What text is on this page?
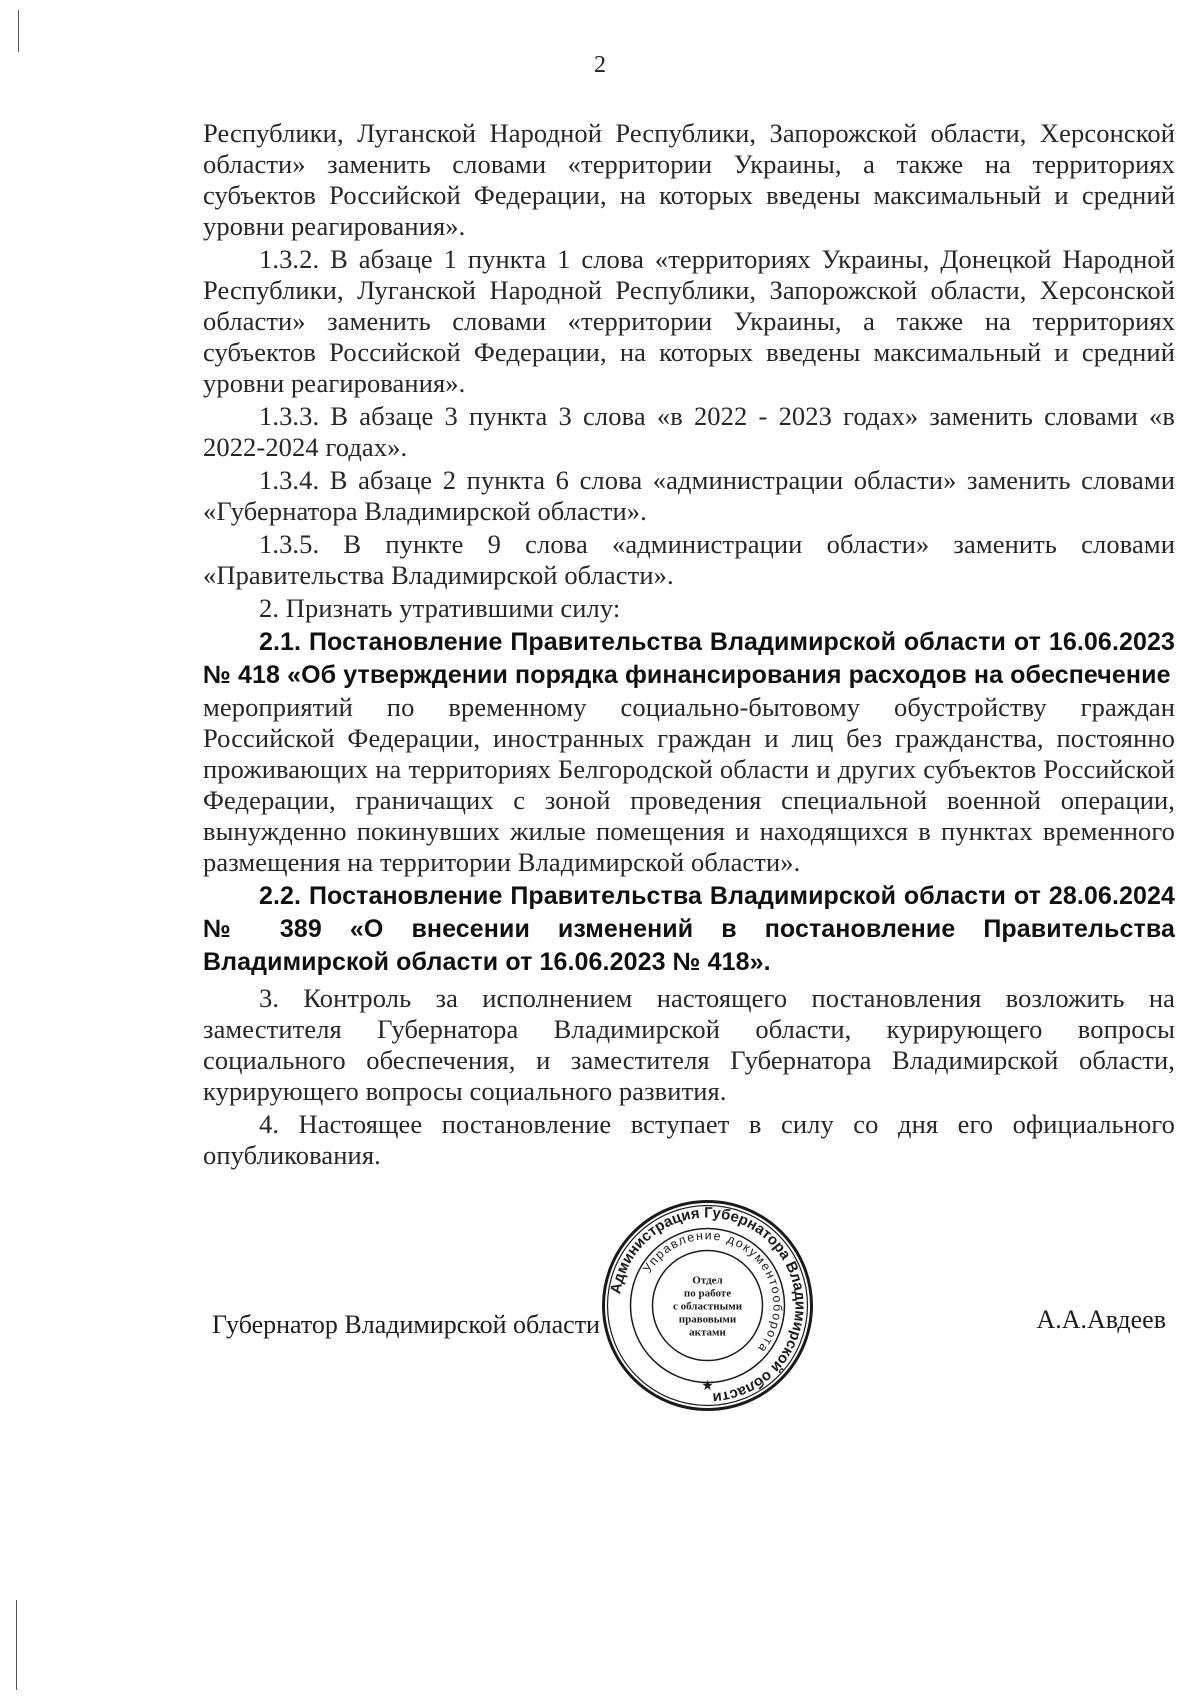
2

Республики, Луганской Народной Республики, Запорожской области, Херсонской области» заменить словами «территории Украины, а также на территориях субъектов Российской Федерации, на которых введены максимальный и средний уровни реагирования».

1.3.2. В абзаце 1 пункта 1 слова «территориях Украины, Донецкой Народной Республики, Луганской Народной Республики, Запорожской области, Херсонской области» заменить словами «территории Украины, а также на территориях субъектов Российской Федерации, на которых введены максимальный и средний уровни реагирования».

1.3.3. В абзаце 3 пункта 3 слова «в 2022 - 2023 годах» заменить словами «в 2022-2024 годах».

1.3.4. В абзаце 2 пункта 6 слова «администрации области» заменить словами «Губернатора Владимирской области».

1.3.5. В пункте 9 слова «администрации области» заменить словами «Правительства Владимирской области».

2. Признать утратившими силу:

2.1. Постановление Правительства Владимирской области от 16.06.2023 № 418 «Об утверждении порядка финансирования расходов на обеспечение

мероприятий по временному социально-бытовому обустройству граждан Российской Федерации, иностранных граждан и лиц без гражданства, постоянно проживающих на территориях Белгородской области и других субъектов Российской Федерации, граничащих с зоной проведения специальной военной операции, вынужденно покинувших жилые помещения и находящихся в пунктах временного размещения на территории Владимирской области».

2.2. Постановление Правительства Владимирской области от 28.06.2024 № 389 «О внесении изменений в постановление Правительства Владимирской области от 16.06.2023 № 418».

3. Контроль за исполнением настоящего постановления возложить на заместителя Губернатора Владимирской области, курирующего вопросы социального обеспечения, и заместителя Губернатора Владимирской области, курирующего вопросы социального развития.

4. Настоящее постановление вступает в силу со дня его официального опубликования.

Губернатор Владимирской области	А.А.Авдеев
Администрация Губернатора Владимирской области
Управление документооборота
★
Отдел
по работе
с областными
правовыми
актами
